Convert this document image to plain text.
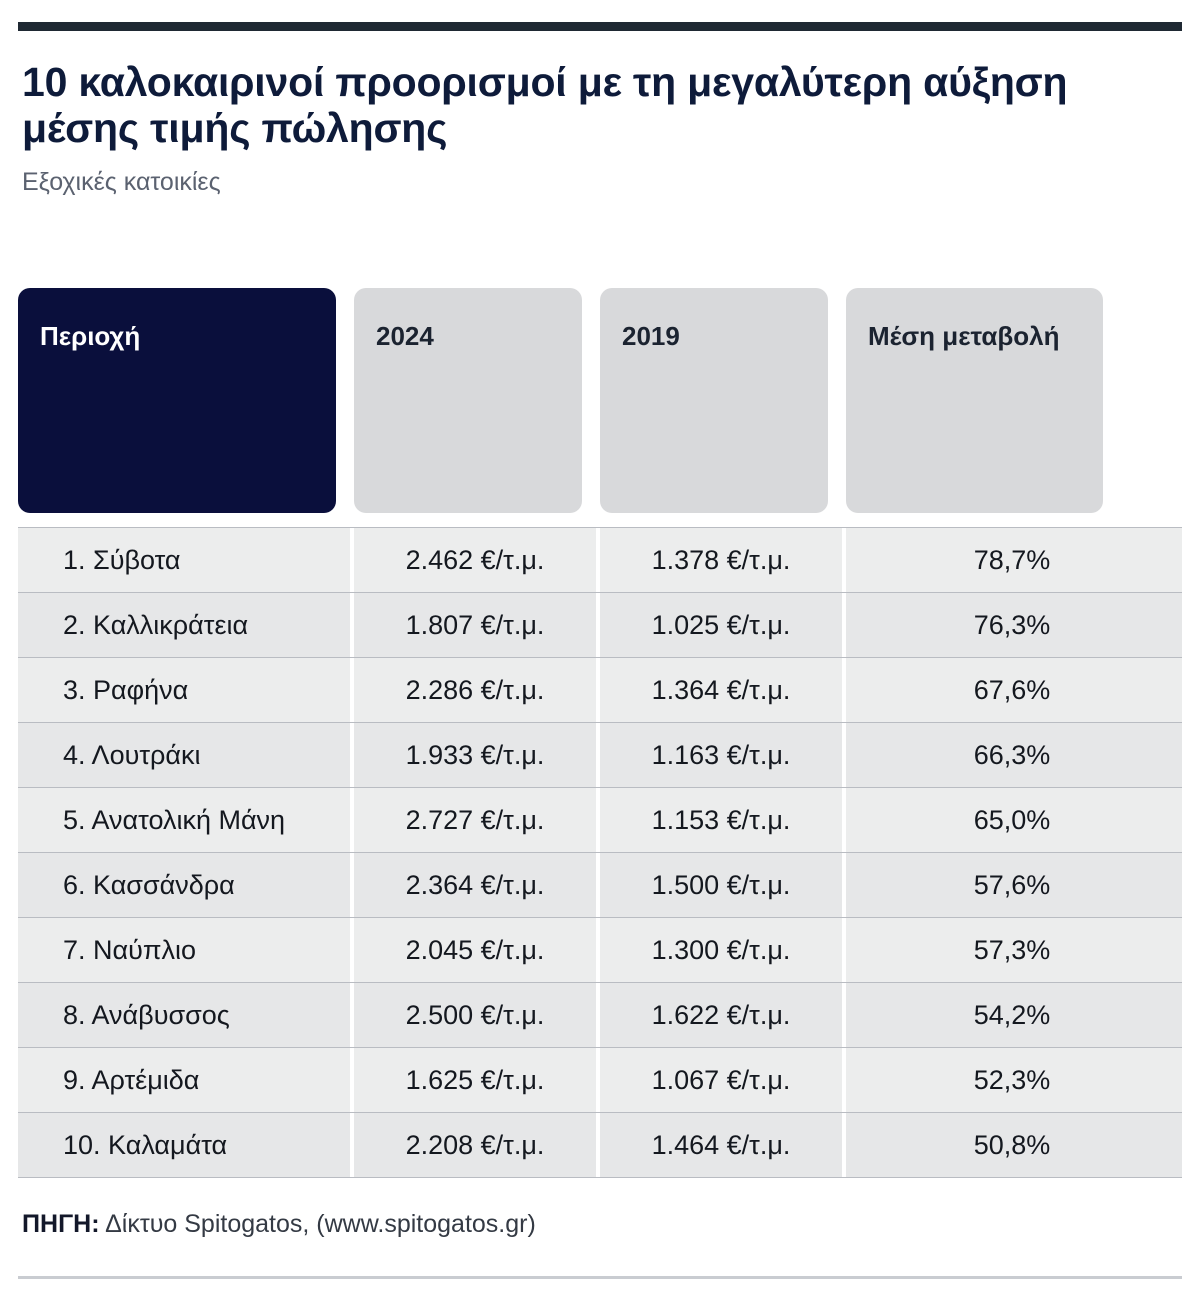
10 καλοκαιρινοί προορισμοί με τη μεγαλύτερη αύξηση μέσης τιμής πώλησης
Εξοχικές κατοικίες
Περιοχή	2024	2019	Μέση μεταβολή
1. Σύβοτα	2.462 €/τ.μ.	1.378 €/τ.μ.	78,7%
2. Καλλικράτεια	1.807 €/τ.μ.	1.025 €/τ.μ.	76,3%
3. Ραφήνα	2.286 €/τ.μ.	1.364 €/τ.μ.	67,6%
4. Λουτράκι	1.933 €/τ.μ.	1.163 €/τ.μ.	66,3%
5. Ανατολική Μάνη	2.727 €/τ.μ.	1.153 €/τ.μ.	65,0%
6. Κασσάνδρα	2.364 €/τ.μ.	1.500 €/τ.μ.	57,6%
7. Ναύπλιο	2.045 €/τ.μ.	1.300 €/τ.μ.	57,3%
8. Ανάβυσσος	2.500 €/τ.μ.	1.622 €/τ.μ.	54,2%
9. Αρτέμιδα	1.625 €/τ.μ.	1.067 €/τ.μ.	52,3%
10. Καλαμάτα	2.208 €/τ.μ.	1.464 €/τ.μ.	50,8%
ΠΗΓΗ: Δίκτυο Spitogatos, (www.spitogatos.gr)
